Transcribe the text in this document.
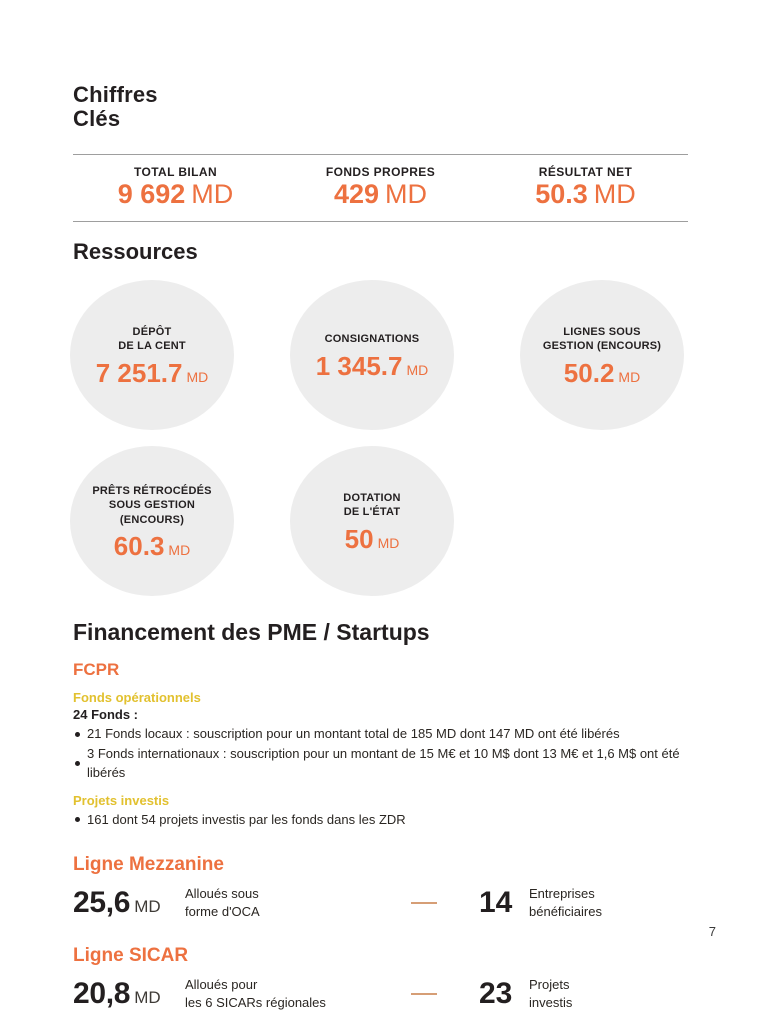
Chiffres
Clés
TOTAL BILAN
9 692 MD
FONDS PROPRES
429 MD
RÉSULTAT NET
50.3 MD
Ressources
DÉPÔT
DE LA CENT
7 251.7 MD
CONSIGNATIONS
1 345.7 MD
LIGNES SOUS
GESTION (ENCOURS)
50.2 MD
PRÊTS RÉTROCÉDÉS
SOUS GESTION
(ENCOURS)
60.3 MD
DOTATION
DE L'ÉTAT
50 MD
Financement des PME / Startups
FCPR
Fonds opérationnels
24 Fonds :
21 Fonds locaux : souscription pour un montant total de 185 MD dont 147 MD ont été libérés
3 Fonds internationaux : souscription pour un montant de 15 M€ et 10 M$ dont 13 M€ et 1,6 M$ ont été libérés
Projets investis
161 dont 54 projets investis par les fonds dans les ZDR
Ligne Mezzanine
25,6 MD
Alloués sous
forme d'OCA	14	Entreprises
bénéficiaires
Ligne SICAR
20,8 MD
Alloués pour
les 6 SICARs régionales	23	Projets
investis
7
